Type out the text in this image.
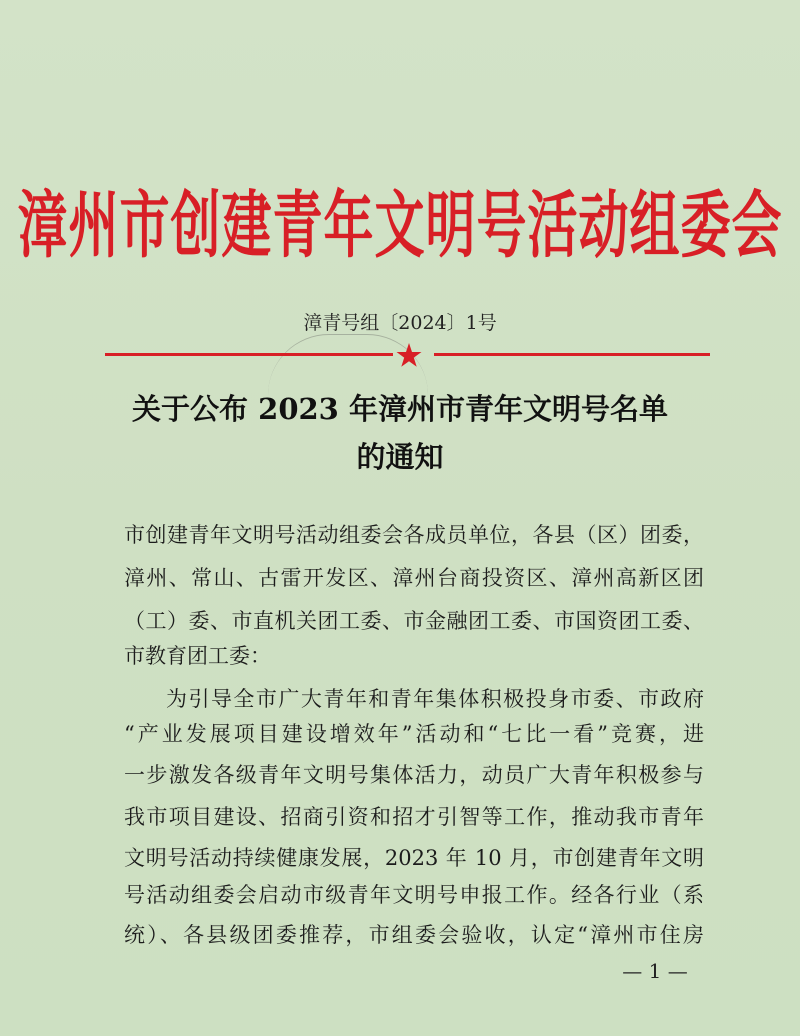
漳州市创建青年文明号活动组委会
漳青号组〔2024〕1号
关于公布 2023 年漳州市青年文明号名单
的通知
市创建青年文明号活动组委会各成员单位，各县（区）团委，
漳州、常山、古雷开发区、漳州台商投资区、漳州高新区团
（工）委、市直机关团工委、市金融团工委、市国资团工委、
市教育团工委：
为引导全市广大青年和青年集体积极投身市委、市政府
“产业发展项目建设增效年”活动和“七比一看”竞赛，进
一步激发各级青年文明号集体活力，动员广大青年积极参与
我市项目建设、招商引资和招才引智等工作，推动我市青年
文明号活动持续健康发展，2023 年 10 月，市创建青年文明
号活动组委会启动市级青年文明号申报工作。经各行业（系
统）、各县级团委推荐，市组委会验收，认定“漳州市住房
— 1 —
